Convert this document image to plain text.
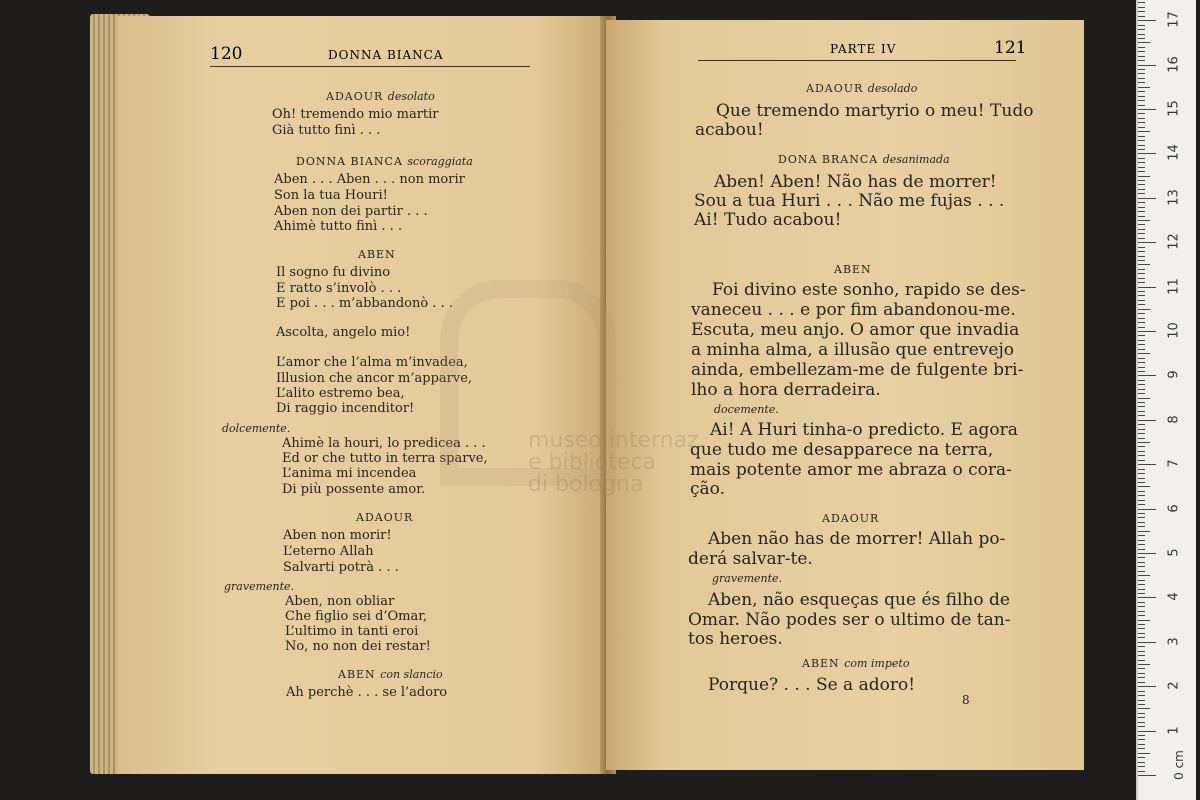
120	DONNA BIANCA
ADAOUR desolato
Oh! tremendo mio martir
Già tutto finì . . .
DONNA BIANCA scoraggiata
Aben . . . Aben . . . non morir
Son la tua Houri!
Aben non dei partir . . .
Ahimè tutto finì . . .
ABEN
Il sogno fu divino
E ratto s’involò . . .
E poi . . . m’abbandonò . . .
Ascolta, angelo mio!
L’amor che l’alma m’invadea,
Illusion che ancor m’apparve,
L’alito estremo bea,
Di raggio incenditor!
dolcemente.
Ahimè la houri, lo predicea . . .
Ed or che tutto in terra sparve,
L’anima mi incendea
Di più possente amor.
ADAOUR
Aben non morir!
L’eterno Allah
Salvarti potrà . . .
gravemente.
Aben, non obliar
Che figlio sei d’Omar,
L’ultimo in tanti eroi
No, no non dei restar!
ABEN con slancio
Ah perchè . . . se l’adoro
PARTE IV	121
ADAOUR desolado
Que tremendo martyrio o meu! Tudo
acabou!
DONA BRANCA desanimada
Aben! Aben! Não has de morrer!
Sou a tua Huri . . . Não me fujas . . .
Ai! Tudo acabou!
ABEN
Foi divino este sonho, rapido se des-
vaneceu . . . e por fim abandonou-me.
Escuta, meu anjo. O amor que invadia
a minha alma, a illusão que entrevejo
ainda, embellezam-me de fulgente bri-
lho a hora derradeira.
docemente.
Ai! A Huri tinha-o predicto. E agora
que tudo me desapparece na terra,
mais potente amor me abraza o cora-
ção.
ADAOUR
Aben não has de morrer! Allah po-
derá salvar-te.
gravemente.
Aben, não esqueças que és filho de
Omar. Não podes ser o ultimo de tan-
tos heroes.
ABEN com impeto
Porque? . . . Se a adoro!
8
museo internaz.
e biblioteca
di bologna
0 cm
1
2
3
4
5
6
7
8
9
10
11
12
13
14
15
16
17
